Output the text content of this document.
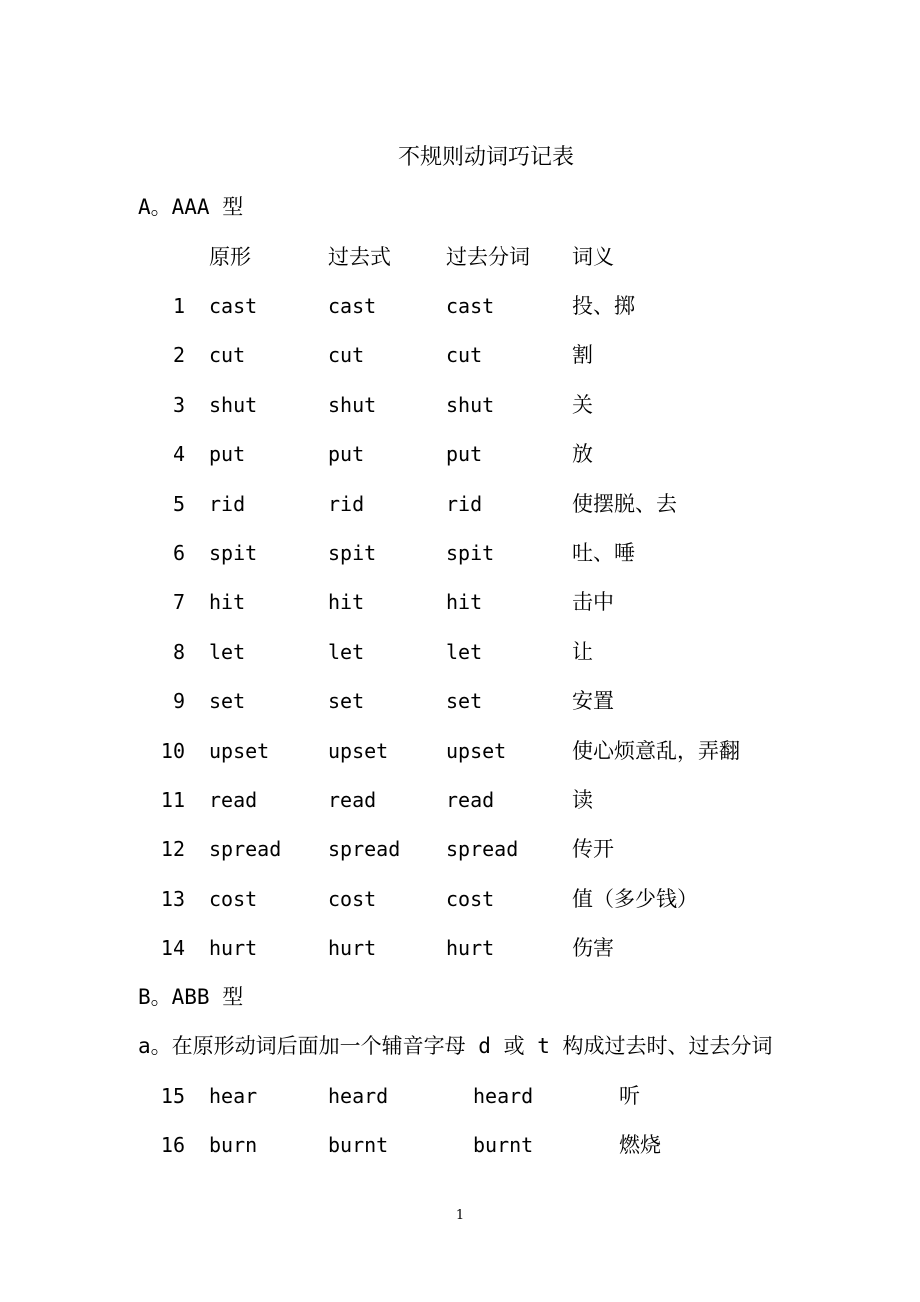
不规则动词巧记表
A。AAA 型
原形	过去式	过去分词 词义
1 cast	cast	cast	投、掷
2 cut	cut	cut	割
3 shut	shut	shut	关
4 put	put	put	放
5 rid	rid	rid	使摆脱、去
6 spit	spit	spit	吐、唾
7 hit	hit	hit	击中
8 let	let	let	让
9 set	set	set	安置
10 upset	upset	upset	使心烦意乱，弄翻
11 read	read	read	读
12 spread spread spread	传开
13 cost	cost	cost	值（多少钱）
14 hurt	hurt	hurt	伤害
B。ABB 型
a。在原形动词后面加一个辅音字母 d 或 t 构成过去时、过去分词
15 hear	heard	heard	听
16 burn	burnt	burnt	燃烧
1
